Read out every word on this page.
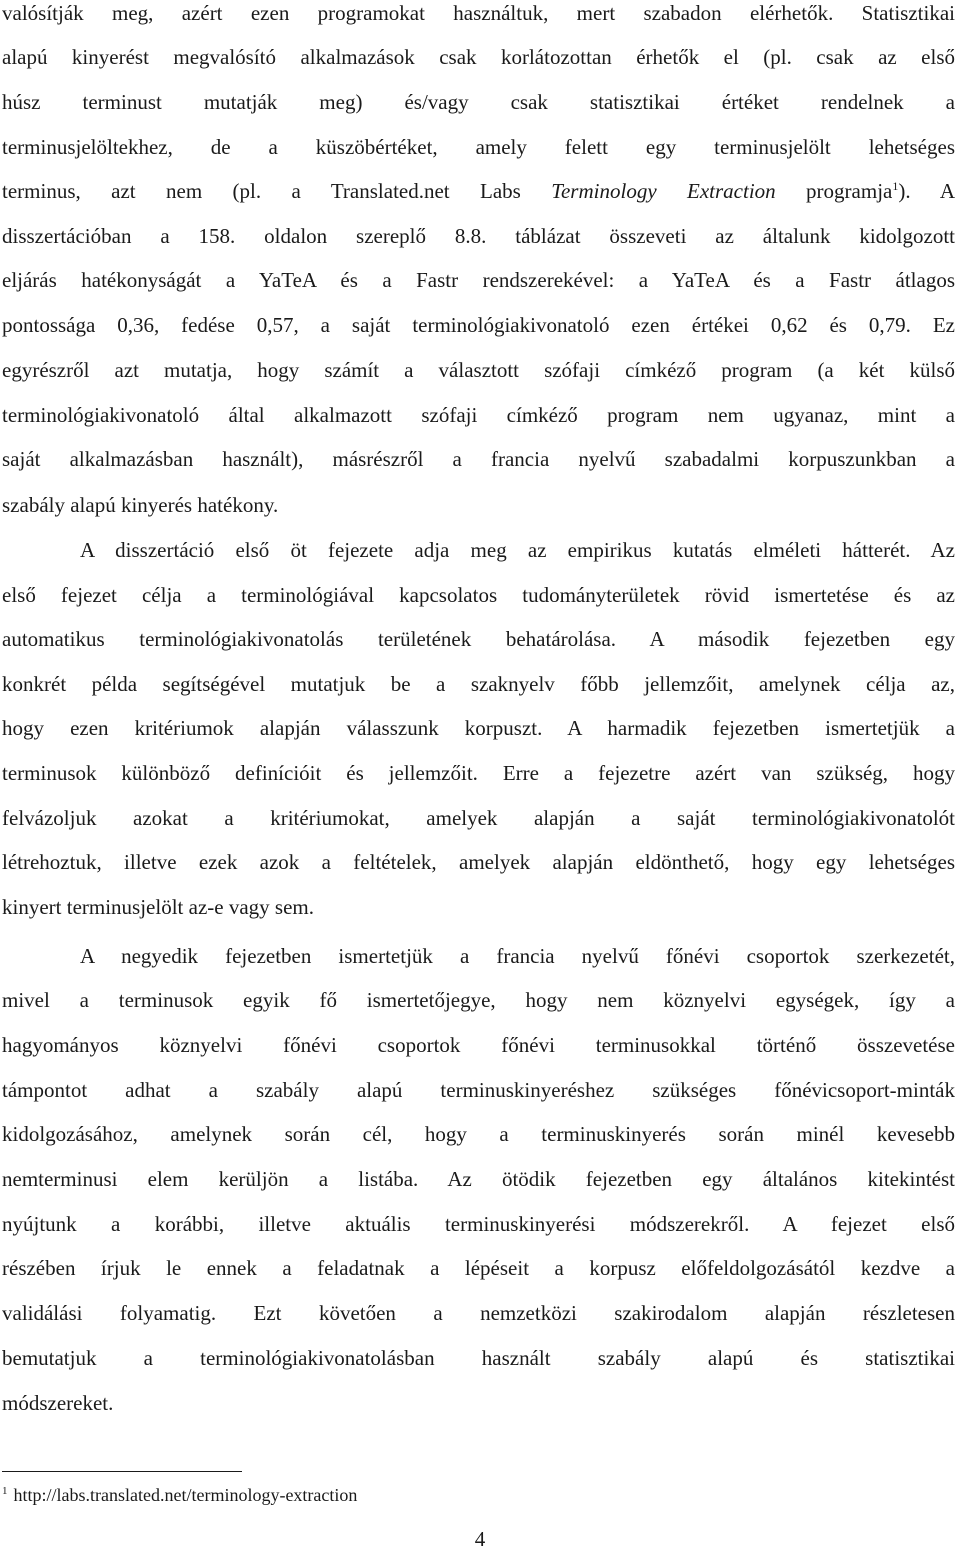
valósítják meg, azért ezen programokat használtuk, mert szabadon elérhetők. Statisztikai
alapú kinyerést megvalósító alkalmazások csak korlátozottan érhetők el (pl. csak az első
húsz terminust mutatják meg) és/vagy csak statisztikai értéket rendelnek a
terminusjelöltekhez, de a küszöbértéket, amely felett egy terminusjelölt lehetséges
terminus, azt nem (pl. a Translated.net Labs Terminology Extraction programja$^1$). A
disszertációban a 158. oldalon szereplő 8.8. táblázat összeveti az általunk kidolgozott
eljárás hatékonyságát a YaTeA és a Fastr rendszerekével: a YaTeA és a Fastr átlagos
pontossága 0,36, fedése 0,57, a saját terminológiakivonatoló ezen értékei 0,62 és 0,79. Ez
egyrészről azt mutatja, hogy számít a választott szófaji címkéző program (a két külső
terminológiakivonatoló által alkalmazott szófaji címkéző program nem ugyanaz, mint a
saját alkalmazásban használt), másrészről a francia nyelvű szabadalmi korpuszunkban a
szabály alapú kinyerés hatékony.
A disszertáció első öt fejezete adja meg az empirikus kutatás elméleti hátterét. Az
első fejezet célja a terminológiával kapcsolatos tudományterületek rövid ismertetése és az
automatikus terminológiakivonatolás területének behatárolása. A második fejezetben egy
konkrét példa segítségével mutatjuk be a szaknyelv főbb jellemzőit, amelynek célja az,
hogy ezen kritériumok alapján válasszunk korpuszt. A harmadik fejezetben ismertetjük a
terminusok különböző definícióit és jellemzőit. Erre a fejezetre azért van szükség, hogy
felvázoljuk azokat a kritériumokat, amelyek alapján a saját terminológiakivonatolót
létrehoztuk, illetve ezek azok a feltételek, amelyek alapján eldönthető, hogy egy lehetséges
kinyert terminusjelölt az-e vagy sem.
A negyedik fejezetben ismertetjük a francia nyelvű főnévi csoportok szerkezetét,
mivel a terminusok egyik fő ismertetőjegye, hogy nem köznyelvi egységek, így a
hagyományos köznyelvi főnévi csoportok főnévi terminusokkal történő összevetése
támpontot adhat a szabály alapú terminuskinyeréshez szükséges főnévicsoport-minták
kidolgozásához, amelynek során cél, hogy a terminuskinyerés során minél kevesebb
nemterminusi elem kerüljön a listába. Az ötödik fejezetben egy általános kitekintést
nyújtunk a korábbi, illetve aktuális terminuskinyerési módszerekről. A fejezet első
részében írjuk le ennek a feladatnak a lépéseit a korpusz előfeldolgozásától kezdve a
validálási folyamatig. Ezt követően a nemzetközi szakirodalom alapján részletesen
bemutatjuk a terminológiakivonatolásban használt szabály alapú és statisztikai
módszereket.
$^1$ http://labs.translated.net/terminology-extraction
4
